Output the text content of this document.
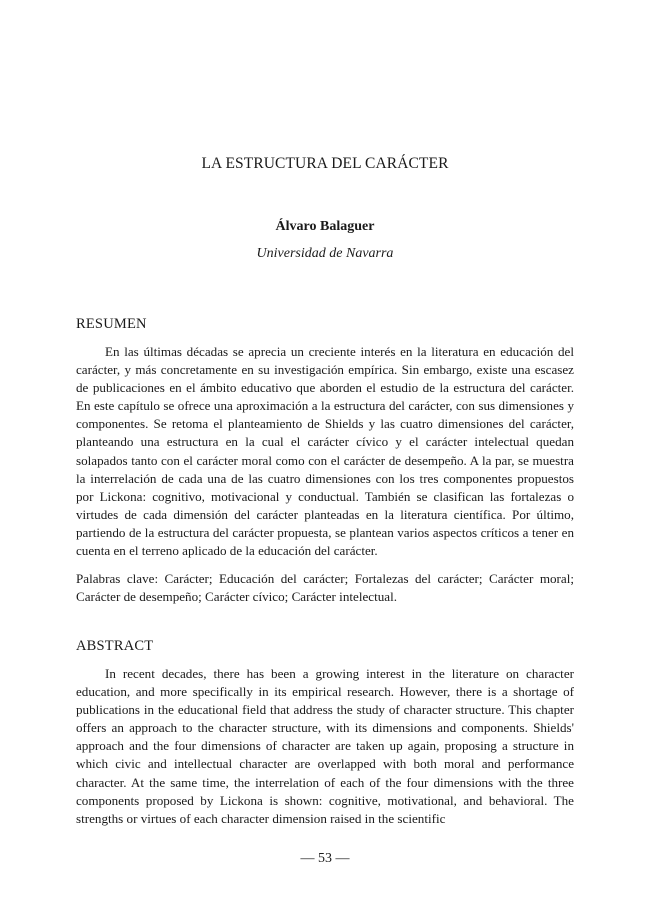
LA ESTRUCTURA DEL CARÁCTER
Álvaro Balaguer
Universidad de Navarra
RESUMEN

En las últimas décadas se aprecia un creciente interés en la literatura en educación del carácter, y más concretamente en su investigación empírica. Sin embargo, existe una escasez de publicaciones en el ámbito educativo que aborden el estudio de la estructura del carácter. En este capítulo se ofrece una aproximación a la estructura del carácter, con sus dimensiones y componentes. Se retoma el planteamiento de Shields y las cuatro dimensiones del carácter, planteando una estructura en la cual el carácter cívico y el carácter intelectual quedan solapados tanto con el carácter moral como con el carácter de desempeño. A la par, se muestra la interrelación de cada una de las cuatro dimensiones con los tres componentes propuestos por Lickona: cognitivo, motivacional y conductual. También se clasifican las fortalezas o virtudes de cada dimensión del carácter planteadas en la literatura científica. Por último, partiendo de la estructura del carácter propuesta, se plantean varios aspectos críticos a tener en cuenta en el terreno aplicado de la educación del carácter.

Palabras clave: Carácter; Educación del carácter; Fortalezas del carácter; Carácter moral; Carácter de desempeño; Carácter cívico; Carácter intelectual.

ABSTRACT

In recent decades, there has been a growing interest in the literature on character education, and more specifically in its empirical research. However, there is a shortage of publications in the educational field that address the study of character structure. This chapter offers an approach to the character structure, with its dimensions and components. Shields' approach and the four dimensions of character are taken up again, proposing a structure in which civic and intellectual character are overlapped with both moral and performance character. At the same time, the interrelation of each of the four dimensions with the three components proposed by Lickona is shown: cognitive, motivational, and behavioral. The strengths or virtues of each character dimension raised in the scientific

— 53 —
